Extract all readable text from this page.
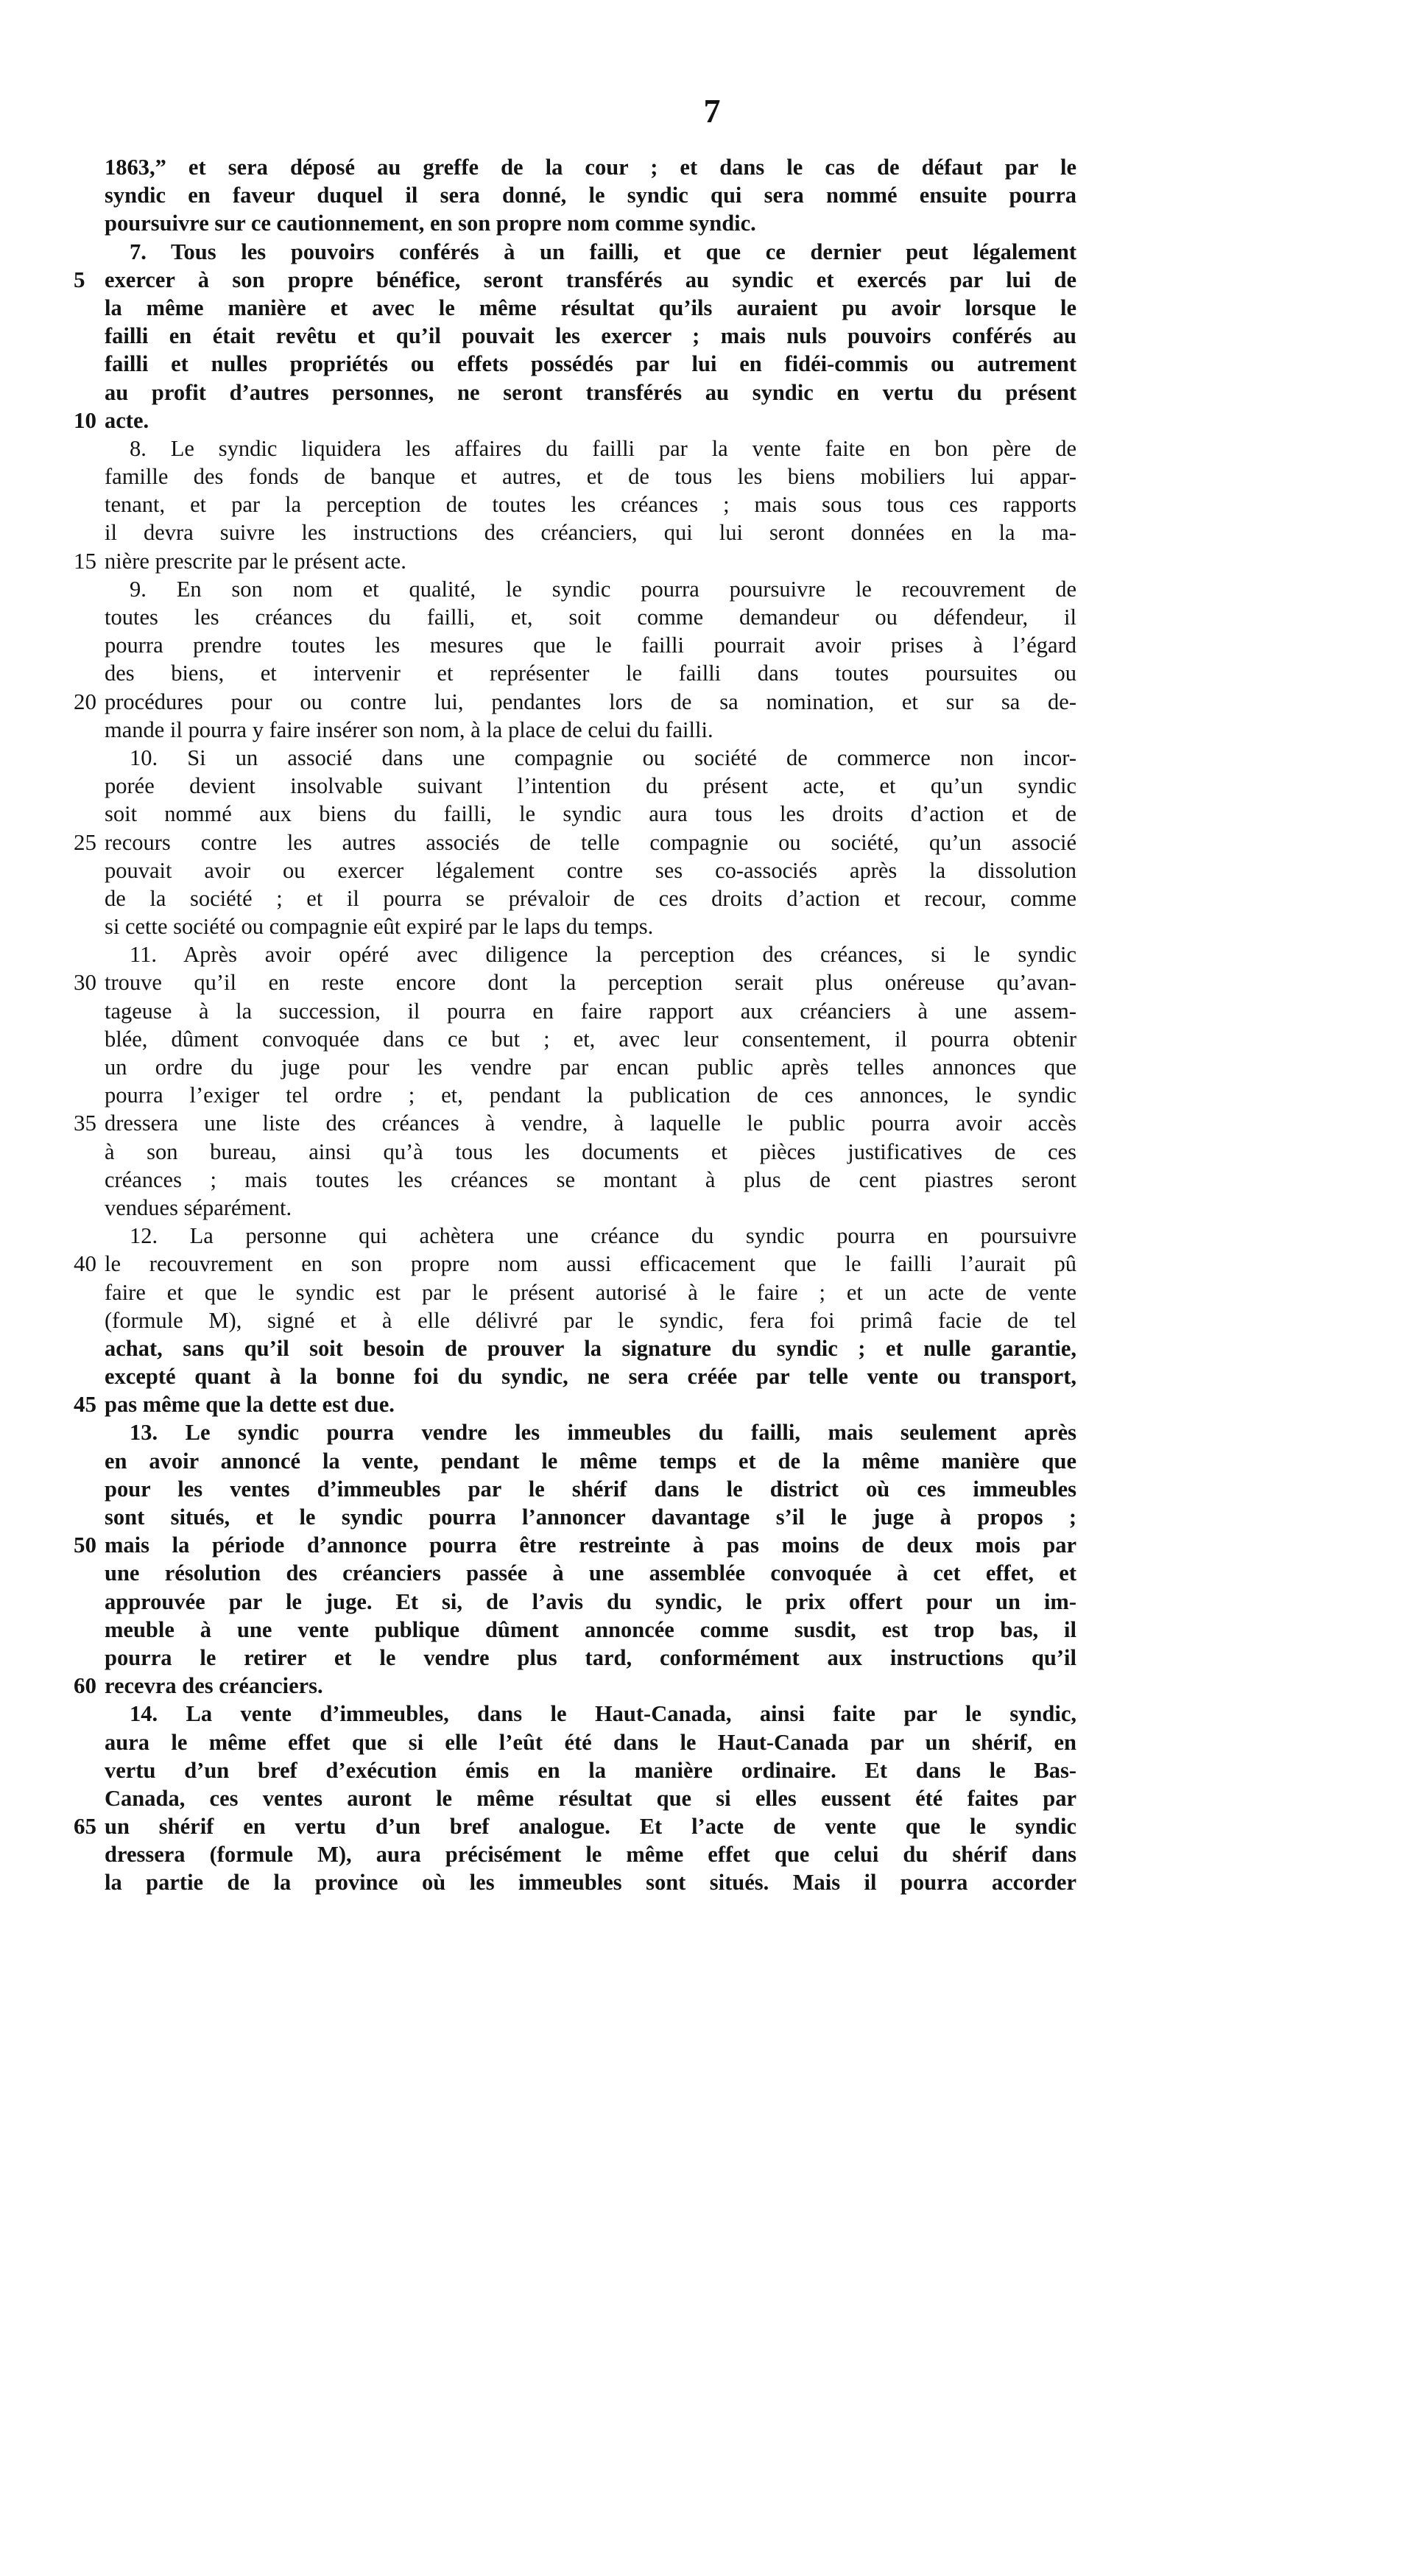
7
1863,” et sera déposé au greffe de la cour ; et dans le cas de défaut par le
syndic en faveur duquel il sera donné, le syndic qui sera nommé ensuite pourra
poursuivre sur ce cautionnement, en son propre nom comme syndic.
7. Tous les pouvoirs conférés à un failli, et que ce dernier peut légalement
5 exercer à son propre bénéfice, seront transférés au syndic et exercés par lui de
la même manière et avec le même résultat qu’ils auraient pu avoir lorsque le
failli en était revêtu et qu’il pouvait les exercer ; mais nuls pouvoirs conférés au
failli et nulles propriétés ou effets possédés par lui en fidéi-commis ou autrement
au profit d’autres personnes, ne seront transférés au syndic en vertu du présent
10 acte.
8. Le syndic liquidera les affaires du failli par la vente faite en bon père de
famille des fonds de banque et autres, et de tous les biens mobiliers lui appar-
tenant, et par la perception de toutes les créances ; mais sous tous ces rapports
il devra suivre les instructions des créanciers, qui lui seront données en la ma-
15 nière prescrite par le présent acte.
9. En son nom et qualité, le syndic pourra poursuivre le recouvrement de
toutes les créances du failli, et, soit comme demandeur ou défendeur, il
pourra prendre toutes les mesures que le failli pourrait avoir prises à l’égard
des biens, et intervenir et représenter le failli dans toutes poursuites ou
20 procédures pour ou contre lui, pendantes lors de sa nomination, et sur sa de-
mande il pourra y faire insérer son nom, à la place de celui du failli.
10. Si un associé dans une compagnie ou société de commerce non incor-
porée devient insolvable suivant l’intention du présent acte, et qu’un syndic
soit nommé aux biens du failli, le syndic aura tous les droits d’action et de
25 recours contre les autres associés de telle compagnie ou société, qu’un associé
pouvait avoir ou exercer légalement contre ses co-associés après la dissolution
de la société ; et il pourra se prévaloir de ces droits d’action et recour, comme
si cette société ou compagnie eût expiré par le laps du temps.
11. Après avoir opéré avec diligence la perception des créances, si le syndic
30 trouve qu’il en reste encore dont la perception serait plus onéreuse qu’avan-
tageuse à la succession, il pourra en faire rapport aux créanciers à une assem-
blée, dûment convoquée dans ce but ; et, avec leur consentement, il pourra obtenir
un ordre du juge pour les vendre par encan public après telles annonces que
pourra l’exiger tel ordre ; et, pendant la publication de ces annonces, le syndic
35 dressera une liste des créances à vendre, à laquelle le public pourra avoir accès
à son bureau, ainsi qu’à tous les documents et pièces justificatives de ces
créances ; mais toutes les créances se montant à plus de cent piastres seront
vendues séparément.
12. La personne qui achètera une créance du syndic pourra en poursuivre
40 le recouvrement en son propre nom aussi efficacement que le failli l’aurait pû
faire et que le syndic est par le présent autorisé à le faire ; et un acte de vente
(formule M), signé et à elle délivré par le syndic, fera foi primâ facie de tel
achat, sans qu’il soit besoin de prouver la signature du syndic ; et nulle garantie,
excepté quant à la bonne foi du syndic, ne sera créée par telle vente ou transport,
45 pas même que la dette est due.
13. Le syndic pourra vendre les immeubles du failli, mais seulement après
en avoir annoncé la vente, pendant le même temps et de la même manière que
pour les ventes d’immeubles par le shérif dans le district où ces immeubles
sont situés, et le syndic pourra l’annoncer davantage s’il le juge à propos ;
50 mais la période d’annonce pourra être restreinte à pas moins de deux mois par
une résolution des créanciers passée à une assemblée convoquée à cet effet, et
approuvée par le juge. Et si, de l’avis du syndic, le prix offert pour un im-
meuble à une vente publique dûment annoncée comme susdit, est trop bas, il
pourra le retirer et le vendre plus tard, conformément aux instructions qu’il
60 recevra des créanciers.
14. La vente d’immeubles, dans le Haut-Canada, ainsi faite par le syndic,
aura le même effet que si elle l’eût été dans le Haut-Canada par un shérif, en
vertu d’un bref d’exécution émis en la manière ordinaire. Et dans le Bas-
Canada, ces ventes auront le même résultat que si elles eussent été faites par
65 un shérif en vertu d’un bref analogue. Et l’acte de vente que le syndic
dressera (formule M), aura précisément le même effet que celui du shérif dans
la partie de la province où les immeubles sont situés. Mais il pourra accorder
